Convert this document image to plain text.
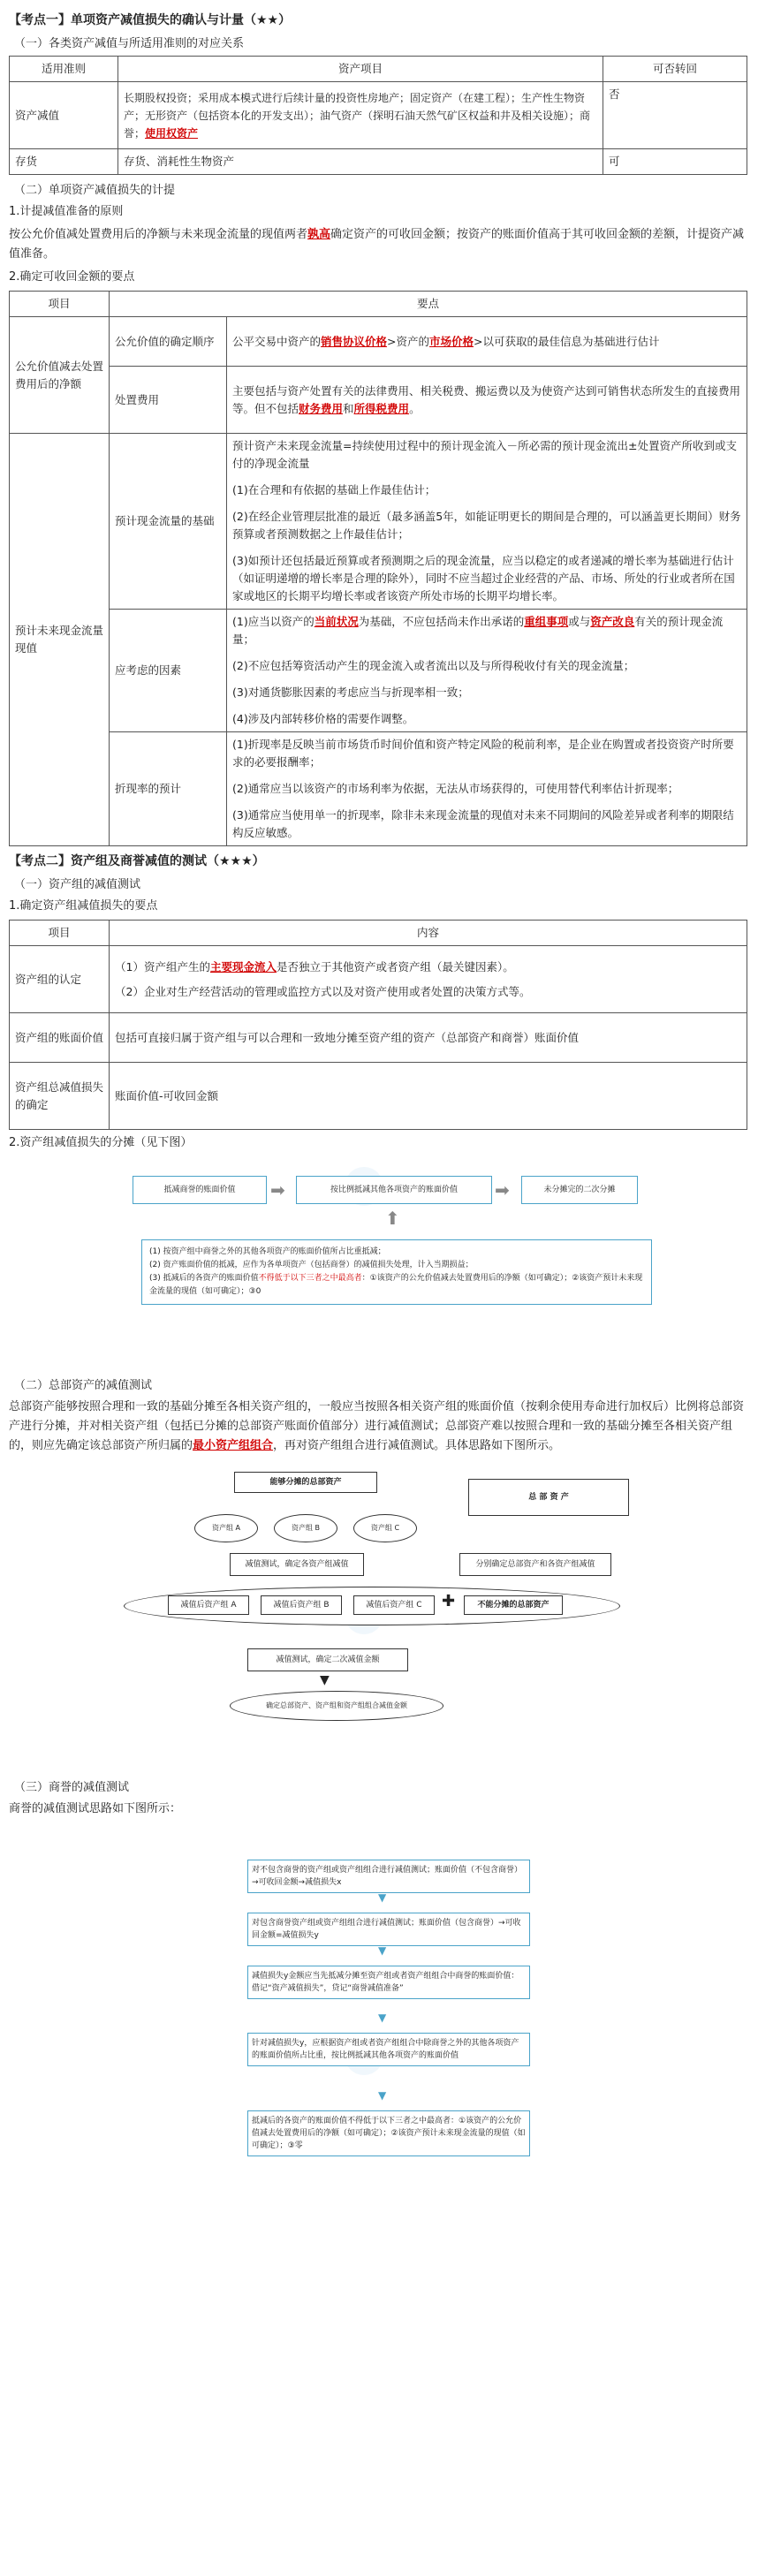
【考点一】单项资产减值损失的确认与计量（★★）
（一）各类资产减值与所适用准则的对应关系
适用准则	资产项目	可否转回
资产减值	长期股权投资；采用成本模式进行后续计量的投资性房地产；固定资产（在建工程）；生产性生物资产；无形资产（包括资本化的开发支出）；油气资产（探明石油天然气矿区权益和井及相关设施）；商誉；使用权资产	否
存货	存货、消耗性生物资产	可
（二）单项资产减值损失的计提
1.计提减值准备的原则
按公允价值减处置费用后的净额与未来现金流量的现值两者孰高确定资产的可收回金额；按资产的账面价值高于其可收回金额的差额，计提资产减值准备。
2.确定可收回金额的要点
项目	要点	
公允价值减去处置费用后的净额	公允价值的确定顺序	公平交易中资产的销售协议价格>资产的市场价格>以可获取的最佳信息为基础进行估计
	处置费用	主要包括与资产处置有关的法律费用、相关税费、搬运费以及为使资产达到可销售状态所发生的直接费用等。但不包括财务费用和所得税费用。
预计未来现金流量现值	预计现金流量的基础	预计资产未来现金流量=持续使用过程中的预计现金流入－所必需的预计现金流出±处置资产所收到或支付的净现金流量
(1)在合理和有依据的基础上作最佳估计；
(2)在经企业管理层批准的最近（最多涵盖5年，如能证明更长的期间是合理的，可以涵盖更长期间）财务预算或者预测数据之上作最佳估计；
(3)如预计还包括最近预算或者预测期之后的现金流量，应当以稳定的或者递减的增长率为基础进行估计（如证明递增的增长率是合理的除外），同时不应当超过企业经营的产品、市场、所处的行业或者所在国家或地区的长期平均增长率或者该资产所处市场的长期平均增长率。

	应考虑的因素	(1)应当以资产的当前状况为基础，不应包括尚未作出承诺的重组事项或与资产改良有关的预计现金流量；
(2)不应包括筹资活动产生的现金流入或者流出以及与所得税收付有关的现金流量；
(3)对通货膨胀因素的考虑应当与折现率相一致；
(4)涉及内部转移价格的需要作调整。

	折现率的预计	(1)折现率是反映当前市场货币时间价值和资产特定风险的税前利率，是企业在购置或者投资资产时所要求的必要报酬率；
(2)通常应当以该资产的市场利率为依据，无法从市场获得的，可使用替代利率估计折现率；
(3)通常应当使用单一的折现率，除非未来现金流量的现值对未来不同期间的风险差异或者利率的期限结构反应敏感。
【考点二】资产组及商誉减值的测试（★★★）
（一）资产组的减值测试
1.确定资产组减值损失的要点
项目	内容
资产组的认定	（1）资产组产生的主要现金流入是否独立于其他资产或者资产组（最关键因素）。
（2）企业对生产经营活动的管理或监控方式以及对资产使用或者处置的决策方式等。

资产组的账面价值	包括可直接归属于资产组与可以合理和一致地分摊至资产组的资产（总部资产和商誉）账面价值
资产组总减值损失的确定	账面价值-可收回金额
2.资产组减值损失的分摊（见下图）
抵减商誉的账面价值	➡	按比例抵减其他各项资产的账面价值	➡	未分摊完的二次分摊
⬆
(1) 按资产组中商誉之外的其他各项资产的账面价值所占比重抵减；
(2) 资产账面价值的抵减，应作为各单项资产（包括商誉）的减值损失处理，计入当期损益；
(3) 抵减后的各资产的账面价值不得低于以下三者之中最高者：①该资产的公允价值减去处置费用后的净额（如可确定）；②该资产预计未来现金流量的现值（如可确定）；③0
（二）总部资产的减值测试
总部资产能够按照合理和一致的基础分摊至各相关资产组的，一般应当按照各相关资产组的账面价值（按剩余使用寿命进行加权后）比例将总部资产进行分摊，并对相关资产组（包括已分摊的总部资产账面价值部分）进行减值测试；总部资产难以按照合理和一致的基础分摊至各相关资产组的，则应先确定该总部资产所归属的最小资产组组合，再对资产组组合进行减值测试。具体思路如下图所示。
能够分摊的总部资产
总 部 资 产
资产组 A	资产组 B	资产组 C
减值测试，确定各资产组减值	分别确定总部资产和各资产组减值
减值后资产组 A	减值后资产组 B	减值后资产组 C	✚	不能分摊的总部资产
减值测试，确定二次减值金额
▼
确定总部资产、资产组和资产组组合减值金额
（三）商誉的减值测试
商誉的减值测试思路如下图所示：
对不包含商誉的资产组或资产组组合进行减值测试；账面价值（不包含商誉）→可收回金额→减值损失x
▼
对包含商誉资产组或资产组组合进行减值测试；账面价值（包含商誉）→可收回金额=减值损失y
▼
减值损失y金额应当先抵减分摊至资产组或者资产组组合中商誉的账面价值：借记“资产减值损失”，贷记“商誉减值准备”
▼
针对减值损失y，应根据资产组或者资产组组合中除商誉之外的其他各项资产的账面价值所占比重，按比例抵减其他各项资产的账面价值
▼
抵减后的各资产的账面价值不得低于以下三者之中最高者：①该资产的公允价值减去处置费用后的净额（如可确定）；②该资产预计未来现金流量的现值（如可确定）；③零
